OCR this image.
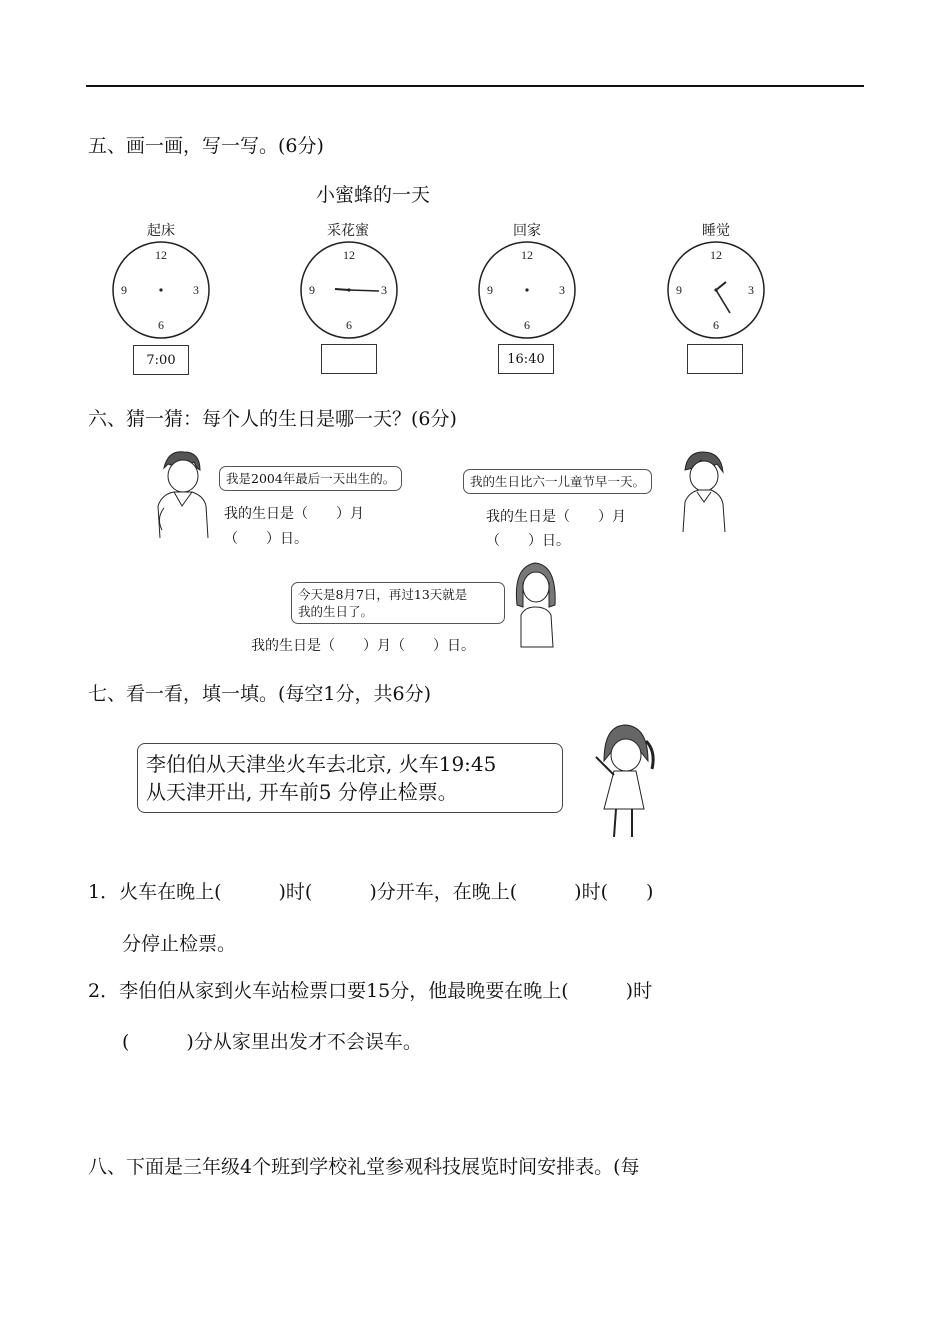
五、画一画，写一写。(6分)
小蜜蜂的一天
起床	采花蜜	回家	睡觉
12
3
6
9
12
3
6
9
12
3
6
9
12
3
6
9
7:00	16:40
六、猜一猜：每个人的生日是哪一天？(6分)
我是2004年最后一天出生的。
我的生日是（　　）月
（　　）日。
我的生日比六一儿童节早一天。
我的生日是（　　）月
（　　）日。
今天是8月7日，再过13天就是
我的生日了。
我的生日是（　　）月（　　）日。
七、看一看，填一填。(每空1分，共6分)
李伯伯从天津坐火车去北京, 火车19:45
从天津开出, 开车前5 分停止检票。
1．火车在晚上(　　　)时(　　　)分开车，在晚上(　　　)时(　　)
分停止检票。
2．李伯伯从家到火车站检票口要15分，他最晚要在晚上(　　　)时
(　　　)分从家里出发才不会误车。
八、下面是三年级4个班到学校礼堂参观科技展览时间安排表。(每
